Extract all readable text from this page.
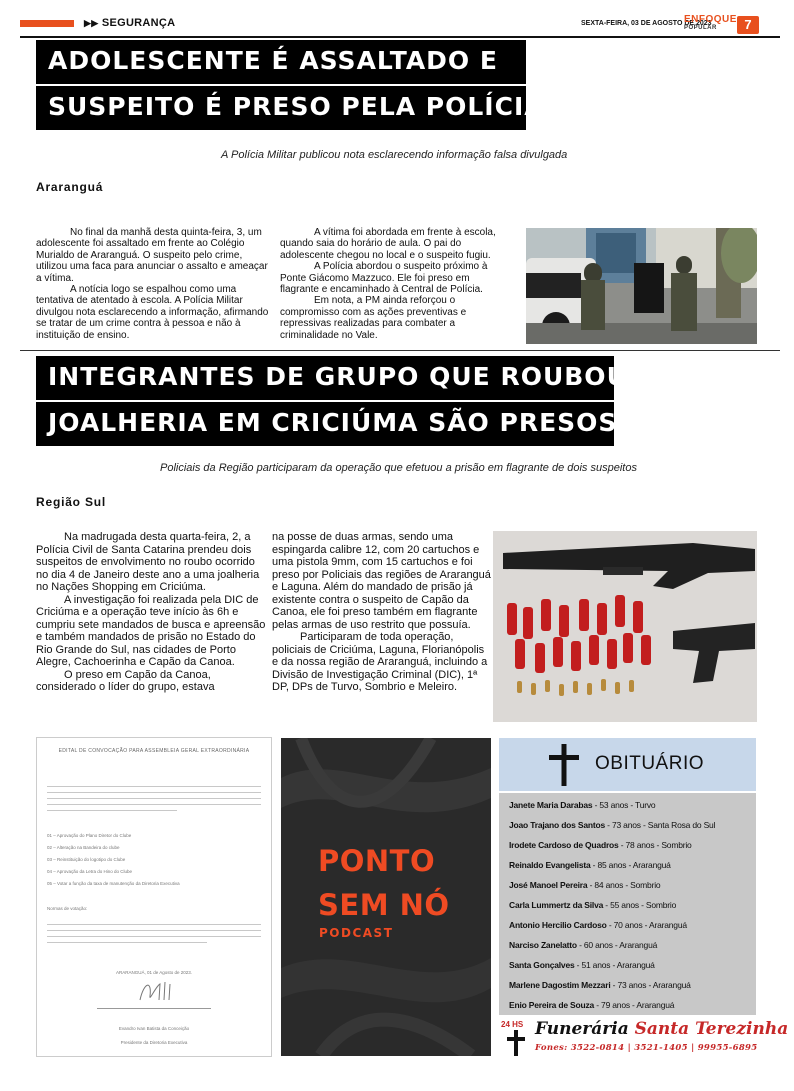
▶▶ SEGURANÇA	SEXTA-FEIRA, 03 DE AGOSTO DE 2023
ENFOQUE
POPULAR	7
ADOLESCENTE É ASSALTADO E
SUSPEITO É PRESO PELA POLÍCIA
A Polícia Militar publicou nota esclarecendo informação falsa divulgada
Araranguá

No final da manhã desta quinta-feira, 3, um adolescente foi assaltado em frente ao Colégio Murialdo de Araranguá. O suspeito pelo crime, utilizou uma faca para anunciar o assalto e ameaçar a vítima.

A notícia logo se espalhou como uma tentativa de atentado à escola. A Polícia Militar divulgou nota esclarecendo a informação, afirmando se tratar de um crime contra à pessoa e não à instituição de ensino.

A vítima foi abordada em frente à escola, quando saia do horário de aula. O pai do adolescente chegou no local e o suspeito fugiu.

A Polícia abordou o suspeito próximo à Ponte Giácomo Mazzuco. Ele foi preso em flagrante e encaminhado à Central de Polícia.

Em nota, a PM ainda reforçou o compromisso com as ações preventivas e repressivas realizadas para combater a criminalidade no Vale.

INTEGRANTES DE GRUPO QUE ROUBOU
JOALHERIA EM CRICIÚMA SÃO PRESOS
Policiais da Região participaram da operação que efetuou a prisão em flagrante de dois suspeitos
Região Sul

Na madrugada desta quarta-feira, 2, a Polícia Civil de Santa Catarina prendeu dois suspeitos de envolvimento no roubo ocorrido no dia 4 de Janeiro deste ano a uma joalheria no Nações Shopping em Criciúma.

A investigação foi realizada pela DIC de Criciúma e a operação teve início às 6h e cumpriu sete mandados de busca e apreensão e também mandados de prisão no Estado do Rio Grande do Sul, nas cidades de Porto Alegre, Cachoerinha e Capão da Canoa.

O preso em Capão da Canoa, considerado o líder do grupo, estava

na posse de duas armas, sendo uma espingarda calibre 12, com 20 cartuchos e uma pistola 9mm, com 15 cartuchos e foi preso por Policiais das regiões de Araranguá e Laguna. Além do mandado de prisão já existente contra o suspeito de Capão da Canoa, ele foi preso também em flagrante pelas armas de uso restrito que possuía.

Participaram de toda operação, policiais de Criciúma, Laguna, Florianópolis e da nossa região de Araranguá, incluindo a Divisão de Investigação Criminal (DIC), 1ª DP, DPs de Turvo, Sombrio e Meleiro.

EDITAL DE CONVOCAÇÃO PARA ASSEMBLEIA GERAL EXTRAORDINÁRIA
01 – Aprovação do Plano Diretor do Clube
02 – Alteração na Bandeira do clube
03 – Reinstituição do logotipo do Clube
04 – Aprovação da Letra do Hino do Clube
05 – Votar a função da taxa de manutenção da Diretoria Executiva
Normas de votação:
ARARANGUÁ, 01 de Agosto de 2023.
Evandro Ivan Batista da Conceição
Presidente da Diretoria Executiva
PONTO
SEM NÓ
PODCAST
OBITUÁRIO
Janete Maria Darabas - 53 anos - Turvo
Joao Trajano dos Santos - 73 anos - Santa Rosa do Sul
Irodete Cardoso de Quadros - 78 anos - Sombrio
Reinaldo Evangelista - 85 anos - Araranguá
José Manoel Pereira - 84 anos - Sombrio
Carla Lummertz da Silva - 55 anos - Sombrio
Antonio Hercilio Cardoso - 70 anos - Araranguá
Narciso Zanelatto - 60 anos - Araranguá
Santa Gonçalves - 51 anos - Araranguá
Marlene Dagostim Mezzari - 73 anos - Araranguá
Enio Pereira de Souza - 79 anos - Araranguá
24 HS Funerária Santa Terezinha
Fones: 3522-0814 | 3521-1405 | 99955-6895
